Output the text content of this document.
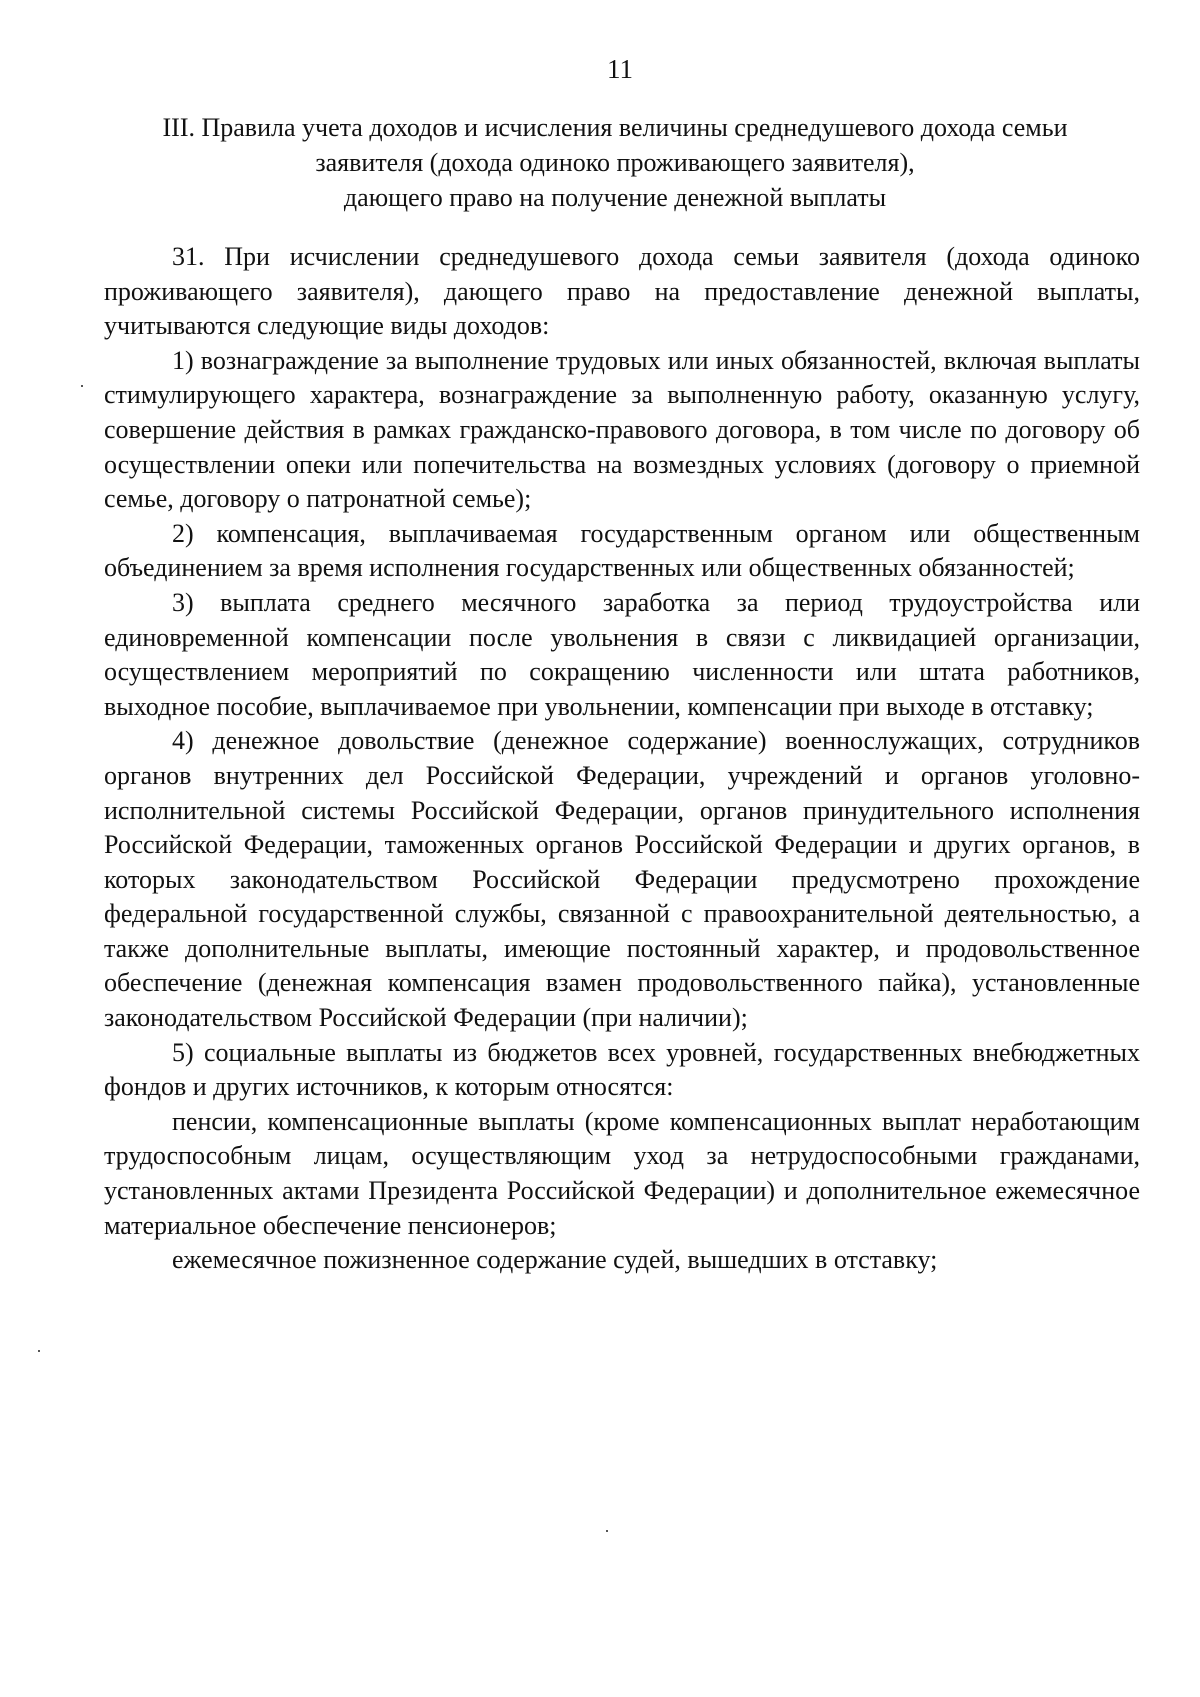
11
III. Правила учета доходов и исчисления величины среднедушевого дохода семьи
заявителя (дохода одиноко проживающего заявителя),
дающего право на получение денежной выплаты

31. При исчислении среднедушевого дохода семьи заявителя (дохода одиноко проживающего заявителя), дающего право на предоставление денежной выплаты, учитываются следующие виды доходов:

1) вознаграждение за выполнение трудовых или иных обязанностей, включая выплаты стимулирующего характера, вознаграждение за выполненную работу, оказанную услугу, совершение действия в рамках гражданско-правового договора, в том числе по договору об осуществлении опеки или попечительства на возмездных условиях (договору о приемной семье, договору о патронатной семье);

2) компенсация, выплачиваемая государственным органом или общественным объединением за время исполнения государственных или общественных обязанностей;

3) выплата среднего месячного заработка за период трудоустройства или единовременной компенсации после увольнения в связи с ликвидацией организации, осуществлением мероприятий по сокращению численности или штата работников, выходное пособие, выплачиваемое при увольнении, компенсации при выходе в отставку;

4) денежное довольствие (денежное содержание) военнослужащих, сотрудников органов внутренних дел Российской Федерации, учреждений и органов уголовно-исполнительной системы Российской Федерации, органов принудительного исполнения Российской Федерации, таможенных органов Российской Федерации и других органов, в которых законодательством Российской Федерации предусмотрено прохождение федеральной государственной службы, связанной с правоохранительной деятельностью, а также дополнительные выплаты, имеющие постоянный характер, и продовольственное обеспечение (денежная компенсация взамен продовольственного пайка), установленные законодательством Российской Федерации (при наличии);

5) социальные выплаты из бюджетов всех уровней, государственных внебюджетных фондов и других источников, к которым относятся:

пенсии, компенсационные выплаты (кроме компенсационных выплат неработающим трудоспособным лицам, осуществляющим уход за нетрудоспособными гражданами, установленных актами Президента Российской Федерации) и дополнительное ежемесячное материальное обеспечение пенсионеров;

ежемесячное пожизненное содержание судей, вышедших в отставку;
